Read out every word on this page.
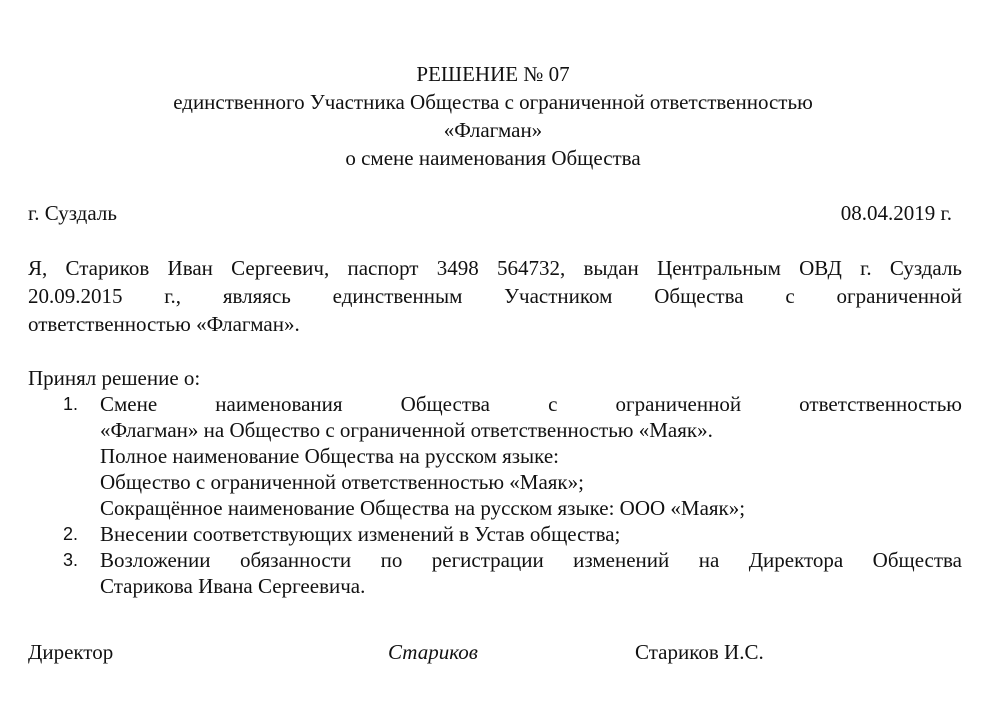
РЕШЕНИЕ № 07
единственного Участника Общества с ограниченной ответственностью
«Флагман»
о смене наименования Общества
г. Суздаль	08.04.2019 г.
Я, Стариков Иван Сергеевич, паспорт 3498 564732, выдан Центральным ОВД г. Суздаль
20.09.2015 г., являясь единственным Участником Общества с ограниченной
ответственностью «Флагман».
Принял решение о:
1. Смене наименования Общества с ограниченной ответственностью
«Флагман» на Общество с ограниченной ответственностью «Маяк».
Полное наименование Общества на русском языке:
Общество с ограниченной ответственностью «Маяк»;
Сокращённое наименование Общества на русском языке: ООО «Маяк»;
2. Внесении соответствующих изменений в Устав общества;
3. Возложении обязанности по регистрации изменений на Директора Общества
Старикова Ивана Сергеевича.
Директор	Стариков	Стариков И.С.
